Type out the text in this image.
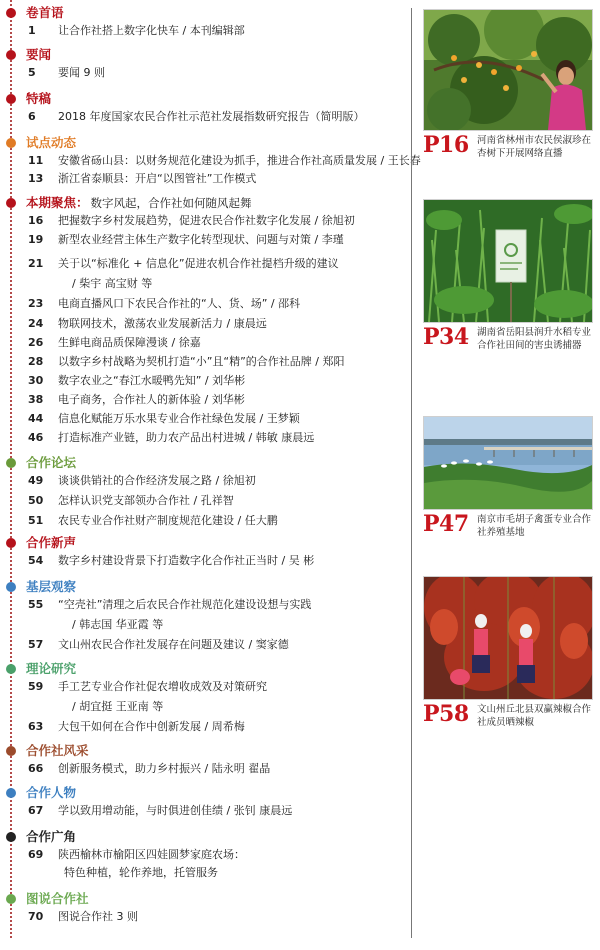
卷首语
1	让合作社搭上数字化快车 / 本刊编辑部
要闻
5	要闻 9 则
特稿
6	2018 年度国家农民合作社示范社发展指数研究报告（简明版）
试点动态
11	安徽省砀山县：以财务规范化建设为抓手，推进合作社高质量发展 / 王长春
13	浙江省泰顺县：开启“以图管社”工作模式
本期聚焦： 数字风起，合作社如何随风起舞
16	把握数字乡村发展趋势，促进农民合作社数字化发展 / 徐旭初
19	新型农业经营主体生产数字化转型现状、问题与对策 / 李瑾
21	关于以“标准化 + 信息化”促进农机合作社提档升级的建议
/ 柴宇 高宝财 等
23	电商直播风口下农民合作社的“人、货、场” / 邵科
24	物联网技术，激荡农业发展新活力 / 康晨远
26	生鲜电商品质保障漫谈 / 徐嘉
28	以数字乡村战略为契机打造“小”且“精”的合作社品牌 / 郑阳
30	数字农业之“春江水暖鸭先知” / 刘华彬
38	电子商务，合作社人的新体验 / 刘华彬
44	信息化赋能万乐水果专业合作社绿色发展 / 王梦颖
46	打造标准产业链，助力农产品出村进城 / 韩敏 康晨远
合作论坛
49	谈谈供销社的合作经济发展之路 / 徐旭初
50	怎样认识党支部领办合作社 / 孔祥智
51	农民专业合作社财产制度规范化建设 / 任大鹏
合作新声
54	数字乡村建设背景下打造数字化合作社正当时 / 吴 彬
基层观察
55	“空壳社”清理之后农民合作社规范化建设设想与实践
/ 韩志国 华亚霞 等
57	文山州农民合作社发展存在问题及建议 / 窦家德
理论研究
59	手工艺专业合作社促农增收成效及对策研究
/ 胡宜挺 王亚南 等
63	大包干如何在合作中创新发展 / 周希梅
合作社风采
66	创新服务模式，助力乡村振兴 / 陆永明 翟晶
合作人物
67	学以致用增动能，与时俱进创佳绩 / 张钊 康晨远
合作广角
69	陕西榆林市榆阳区四娃圆梦家庭农场：
特色种植，轮作养地，托管服务
图说合作社
70	图说合作社 3 则
P16 河南省林州市农民侯淑珍在杏树下开展网络直播
P34 湖南省岳阳县润升水稻专业合作社田间的害虫诱捕器
P47 南京市毛胡子禽蛋专业合作社养殖基地
P58 文山州丘北县双赢辣椒合作社成员晒辣椒
